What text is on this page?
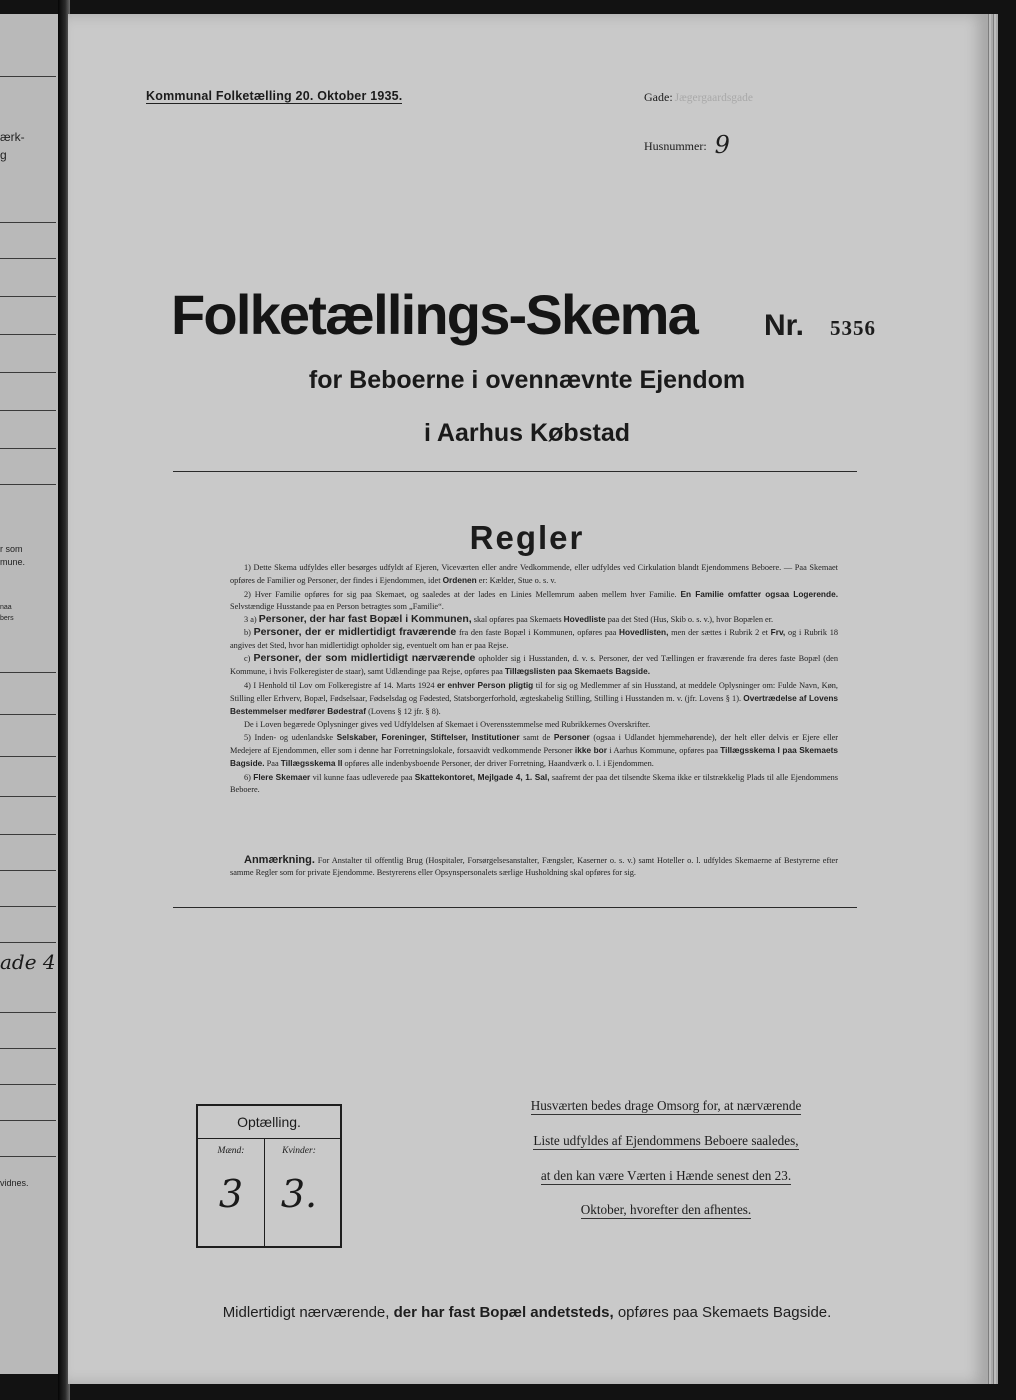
ærk-
g
r som
mune.
naa
bers
ade 4
vidnes.
Kommunal Folketælling 20. Oktober 1935.	Gade: Jægergaardsgade
Husnummer: 9
Folketællings-Skema Nr. 5356
for Beboerne i ovennævnte Ejendom
i Aarhus Købstad
Regler

1) Dette Skema udfyldes eller besørges udfyldt af Ejeren, Viceværten eller andre Vedkommende, eller udfyldes ved Cirkulation blandt Ejendommens Beboere. — Paa Skemaet opføres de Familier og Personer, der findes i Ejendommen, idet Ordenen er: Kælder, Stue o. s. v.

2) Hver Familie opføres for sig paa Skemaet, og saaledes at der lades en Linies Mellemrum aaben mellem hver Familie. En Familie omfatter ogsaa Logerende. Selvstændige Husstande paa en Person betragtes som „Familie“.

3 a) Personer, der har fast Bopæl i Kommunen, skal opføres paa Skemaets Hovedliste paa det Sted (Hus, Skib o. s. v.), hvor Bopælen er.

b) Personer, der er midlertidigt fraværende fra den faste Bopæl i Kommunen, opføres paa Hovedlisten, men der sættes i Rubrik 2 et Frv, og i Rubrik 18 angives det Sted, hvor han midlertidigt opholder sig, eventuelt om han er paa Rejse.

c) Personer, der som midlertidigt nærværende opholder sig i Husstanden, d. v. s. Personer, der ved Tællingen er fraværende fra deres faste Bopæl (den Kommune, i hvis Folkeregister de staar), samt Udlændinge paa Rejse, opføres paa Tillægslisten paa Skemaets Bagside.

4) I Henhold til Lov om Folkeregistre af 14. Marts 1924 er enhver Person pligtig til for sig og Medlemmer af sin Husstand, at meddele Oplysninger om: Fulde Navn, Køn, Stilling eller Erhverv, Bopæl, Fødselsaar, Fødselsdag og Fødested, Statsborgerforhold, ægteskabelig Stilling, Stilling i Husstanden m. v. (jfr. Lovens § 1). Overtrædelse af Lovens Bestemmelser medfører Bødestraf (Lovens § 12 jfr. § 8).

De i Loven begærede Oplysninger gives ved Udfyldelsen af Skemaet i Overensstemmelse med Rubrikkernes Overskrifter.

5) Inden- og udenlandske Selskaber, Foreninger, Stiftelser, Institutioner samt de Personer (ogsaa i Udlandet hjemmehørende), der helt eller delvis er Ejere eller Medejere af Ejendommen, eller som i denne har Forretningslokale, forsaavidt vedkommende Personer ikke bor i Aarhus Kommune, opføres paa Tillægsskema I paa Skemaets Bagside. Paa Tillægsskema II opføres alle indenbysboende Personer, der driver Forretning, Haandværk o. l. i Ejendommen.

6) Flere Skemaer vil kunne faas udleverede paa Skattekontoret, Mejlgade 4, 1. Sal, saafremt der paa det tilsendte Skema ikke er tilstrækkelig Plads til alle Ejendommens Beboere.

Anmærkning. For Anstalter til offentlig Brug (Hospitaler, Forsørgelsesanstalter, Fængsler, Kaserner o. s. v.) samt Hoteller o. l. udfyldes Skemaerne af Bestyrerne efter samme Regler som for private Ejendomme. Bestyrerens eller Opsynspersonalets særlige Husholdning skal opføres for sig.
Optælling.
Mænd:	Kvinder:
3 3.
Husværten bedes drage Omsorg for, at nærværende
Liste udfyldes af Ejendommens Beboere saaledes,
at den kan være Værten i Hænde senest den 23.
Oktober, hvorefter den afhentes.
Midlertidigt nærværende, der har fast Bopæl andetsteds, opføres paa Skemaets Bagside.
